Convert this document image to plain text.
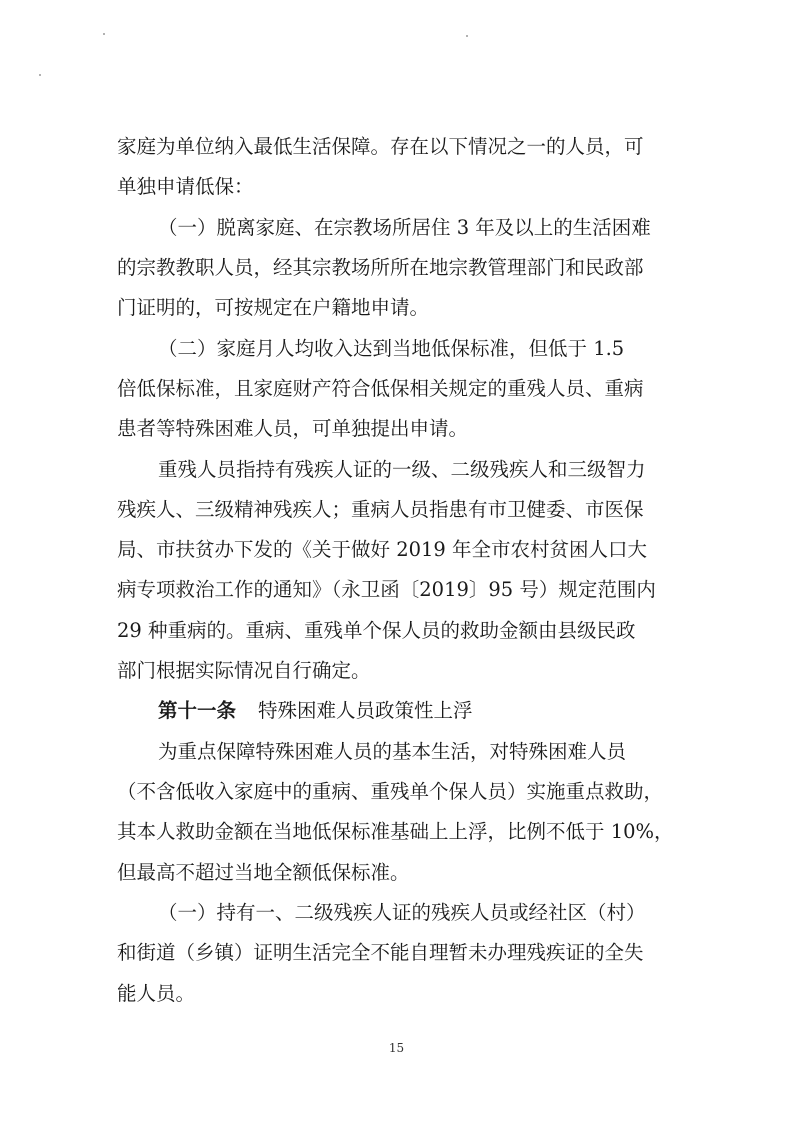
家庭为单位纳入最低生活保障。存在以下情况之一的人员，可
单独申请低保：
（一）脱离家庭、在宗教场所居住 3 年及以上的生活困难
的宗教教职人员，经其宗教场所所在地宗教管理部门和民政部
门证明的，可按规定在户籍地申请。
（二）家庭月人均收入达到当地低保标准，但低于 1.5
倍低保标准，且家庭财产符合低保相关规定的重残人员、重病
患者等特殊困难人员，可单独提出申请。
重残人员指持有残疾人证的一级、二级残疾人和三级智力
残疾人、三级精神残疾人；重病人员指患有市卫健委、市医保
局、市扶贫办下发的《关于做好 2019 年全市农村贫困人口大
病专项救治工作的通知》（永卫函〔2019〕95 号）规定范围内
29 种重病的。重病、重残单个保人员的救助金额由县级民政
部门根据实际情况自行确定。
第十一条 特殊困难人员政策性上浮
为重点保障特殊困难人员的基本生活，对特殊困难人员
（不含低收入家庭中的重病、重残单个保人员）实施重点救助，
其本人救助金额在当地低保标准基础上上浮，比例不低于 10%，
但最高不超过当地全额低保标准。
（一）持有一、二级残疾人证的残疾人员或经社区（村）
和街道（乡镇）证明生活完全不能自理暂未办理残疾证的全失
能人员。
15
